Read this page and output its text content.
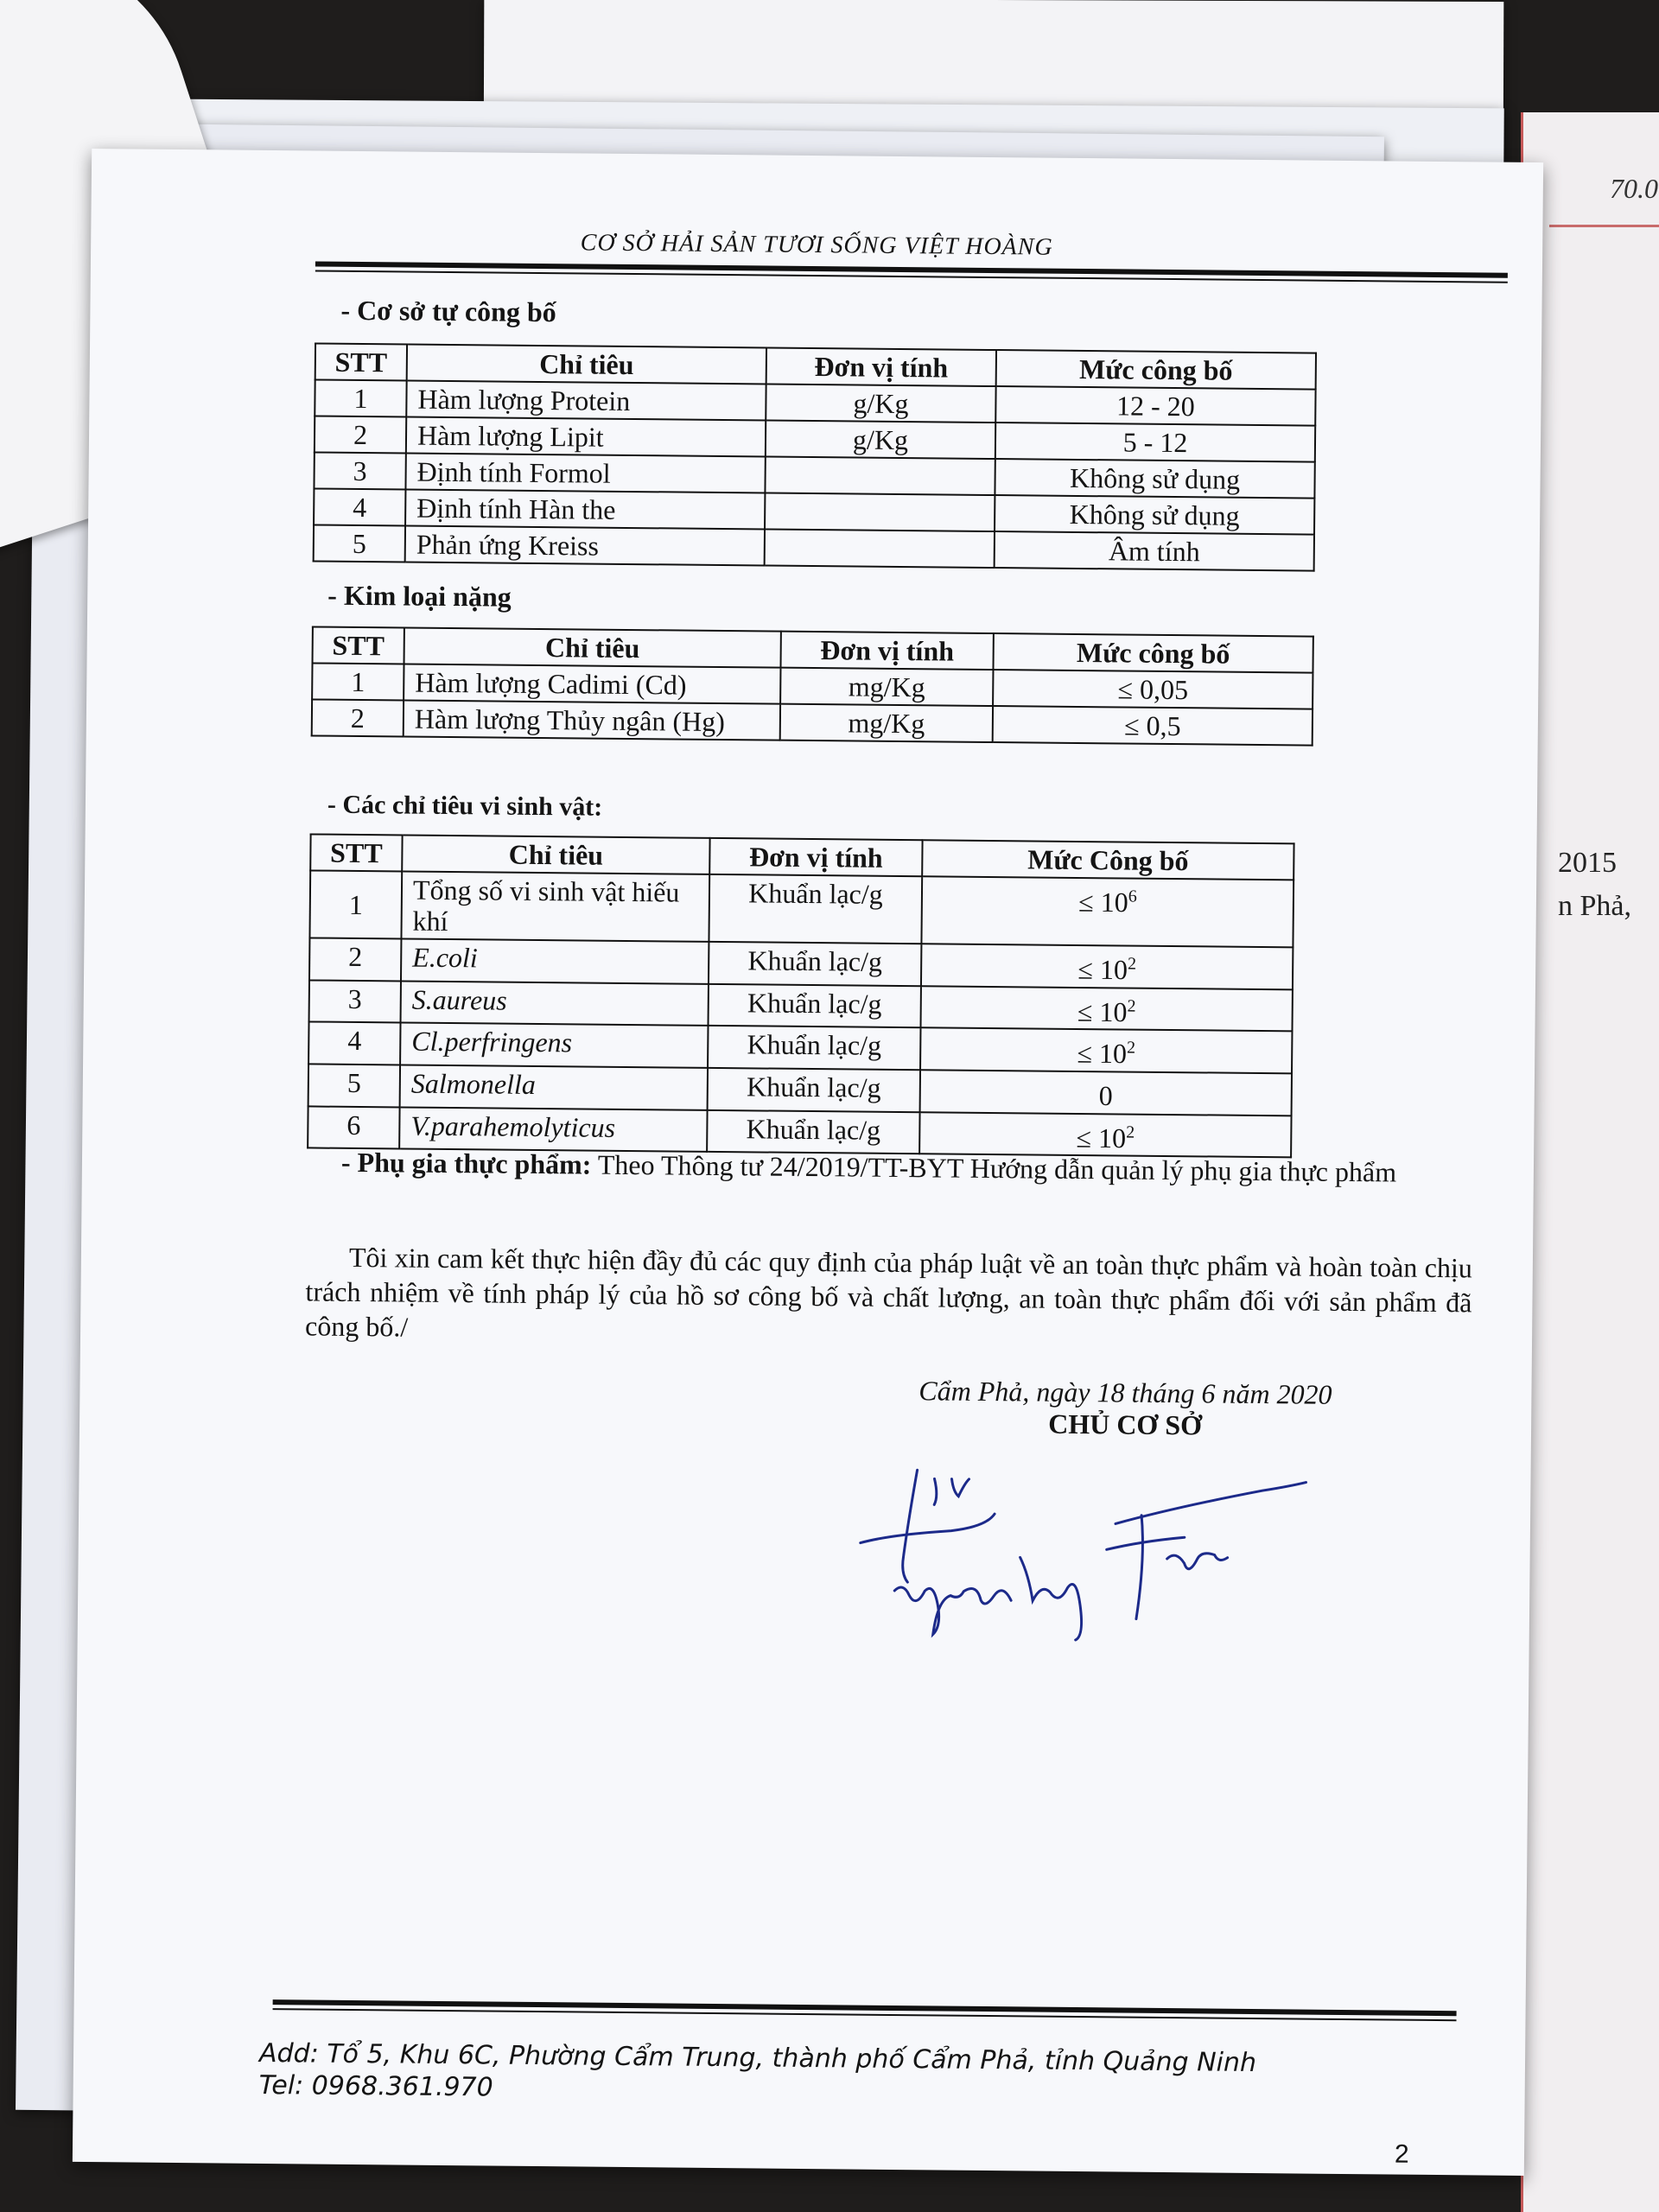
70.0
2015
n Phả,
CƠ SỞ HẢI SẢN TƯƠI SỐNG VIỆT HOÀNG
- Cơ sở tự công bố
STT	Chỉ tiêu	Đơn vị tính	Mức công bố
1	Hàm lượng Protein	g/Kg	12 - 20
2	Hàm lượng Lipit	g/Kg	5 - 12
3	Định tính Formol		Không sử dụng
4	Định tính Hàn the		Không sử dụng
5	Phản ứng Kreiss		Âm tính
- Kim loại nặng
STT	Chỉ tiêu	Đơn vị tính	Mức công bố
1	Hàm lượng Cadimi (Cd)	mg/Kg	≤ 0,05
2	Hàm lượng Thủy ngân (Hg)	mg/Kg	≤ 0,5
- Các chỉ tiêu vi sinh vật:
STT	Chỉ tiêu	Đơn vị tính	Mức Công bố
1	Tổng số vi sinh vật hiếu khí	Khuẩn lạc/g	≤ $10^6$
2	E.coli	Khuẩn lạc/g	≤ $10^2$
3	S.aureus	Khuẩn lạc/g	≤ $10^2$
4	Cl.perfringens	Khuẩn lạc/g	≤ $10^2$
5	Salmonella	Khuẩn lạc/g	0
6	V.parahemolyticus	Khuẩn lạc/g	≤ $10^2$
- Phụ gia thực phẩm: Theo Thông tư 24/2019/TT-BYT Hướng dẫn quản lý phụ gia thực phẩm
Tôi xin cam kết thực hiện đầy đủ các quy định của pháp luật về an toàn thực phẩm và hoàn toàn chịu trách nhiệm về tính pháp lý của hồ sơ công bố và chất lượng, an toàn thực phẩm đối với sản phẩm đã công bố./
Cẩm Phả, ngày 18 tháng 6 năm 2020
CHỦ CƠ SỞ
Add: Tổ 5, Khu 6C, Phường Cẩm Trung, thành phố Cẩm Phả, tỉnh Quảng Ninh
Tel: 0968.361.970
2
